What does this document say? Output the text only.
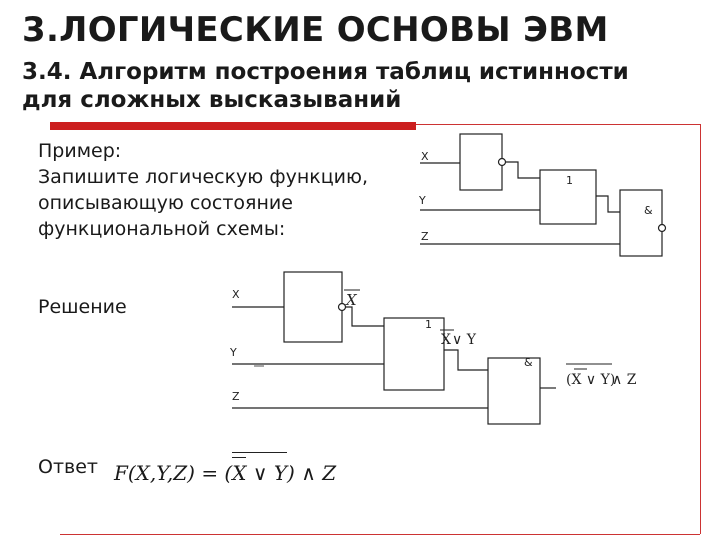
3.ЛОГИЧЕСКИЕ ОСНОВЫ ЭВМ
3.4. Алгоритм построения таблиц истинности
для сложных высказываний
Пример:
Запишите логическую функцию,
описывающую состояние
функциональной схемы:
Решение
Ответ F(X,Y,Z) = (X ∨ Y) ∧ Z
X
Y
Z
1
&
X
Y
Z
1
&
X
X ∨ Y
(X ∨ Y)
∧ Z
